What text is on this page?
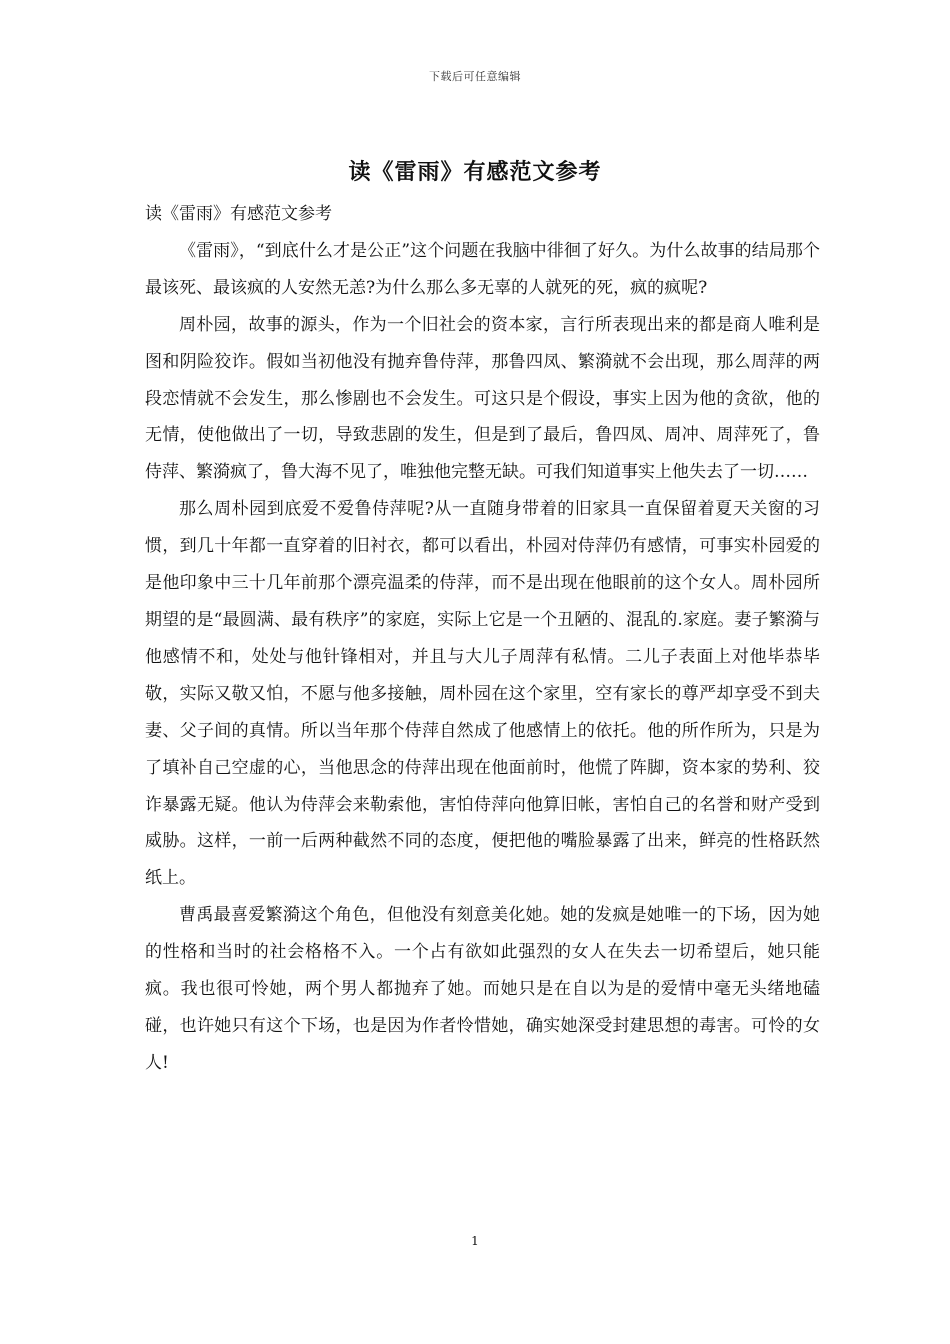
下载后可任意编辑
读《雷雨》有感范文参考

读《雷雨》有感范文参考

《雷雨》，“到底什么才是公正”这个问题在我脑中徘徊了好久。为什么故事的结局那个最该死、最该疯的人安然无恙?为什么那么多无辜的人就死的死，疯的疯呢?

周朴园，故事的源头，作为一个旧社会的资本家，言行所表现出来的都是商人唯利是图和阴险狡诈。假如当初他没有抛弃鲁侍萍，那鲁四凤、繁漪就不会出现，那么周萍的两段恋情就不会发生，那么惨剧也不会发生。可这只是个假设，事实上因为他的贪欲，他的无情，使他做出了一切，导致悲剧的发生，但是到了最后，鲁四凤、周冲、周萍死了，鲁侍萍、繁漪疯了，鲁大海不见了，唯独他完整无缺。可我们知道事实上他失去了一切……

那么周朴园到底爱不爱鲁侍萍呢?从一直随身带着的旧家具一直保留着夏天关窗的习惯，到几十年都一直穿着的旧衬衣，都可以看出，朴园对侍萍仍有感情，可事实朴园爱的是他印象中三十几年前那个漂亮温柔的侍萍，而不是出现在他眼前的这个女人。周朴园所期望的是“最圆满、最有秩序”的家庭，实际上它是一个丑陋的、混乱的.家庭。妻子繁漪与他感情不和，处处与他针锋相对，并且与大儿子周萍有私情。二儿子表面上对他毕恭毕敬，实际又敬又怕，不愿与他多接触，周朴园在这个家里，空有家长的尊严却享受不到夫妻、父子间的真情。所以当年那个侍萍自然成了他感情上的依托。他的所作所为，只是为了填补自己空虚的心，当他思念的侍萍出现在他面前时，他慌了阵脚，资本家的势利、狡诈暴露无疑。他认为侍萍会来勒索他，害怕侍萍向他算旧帐，害怕自己的名誉和财产受到威胁。这样，一前一后两种截然不同的态度，便把他的嘴脸暴露了出来，鲜亮的性格跃然纸上。

曹禹最喜爱繁漪这个角色，但他没有刻意美化她。她的发疯是她唯一的下场，因为她的性格和当时的社会格格不入。一个占有欲如此强烈的女人在失去一切希望后，她只能疯。我也很可怜她，两个男人都抛弃了她。而她只是在自以为是的爱情中毫无头绪地磕碰，也许她只有这个下场，也是因为作者怜惜她，确实她深受封建思想的毒害。可怜的女人!

1
